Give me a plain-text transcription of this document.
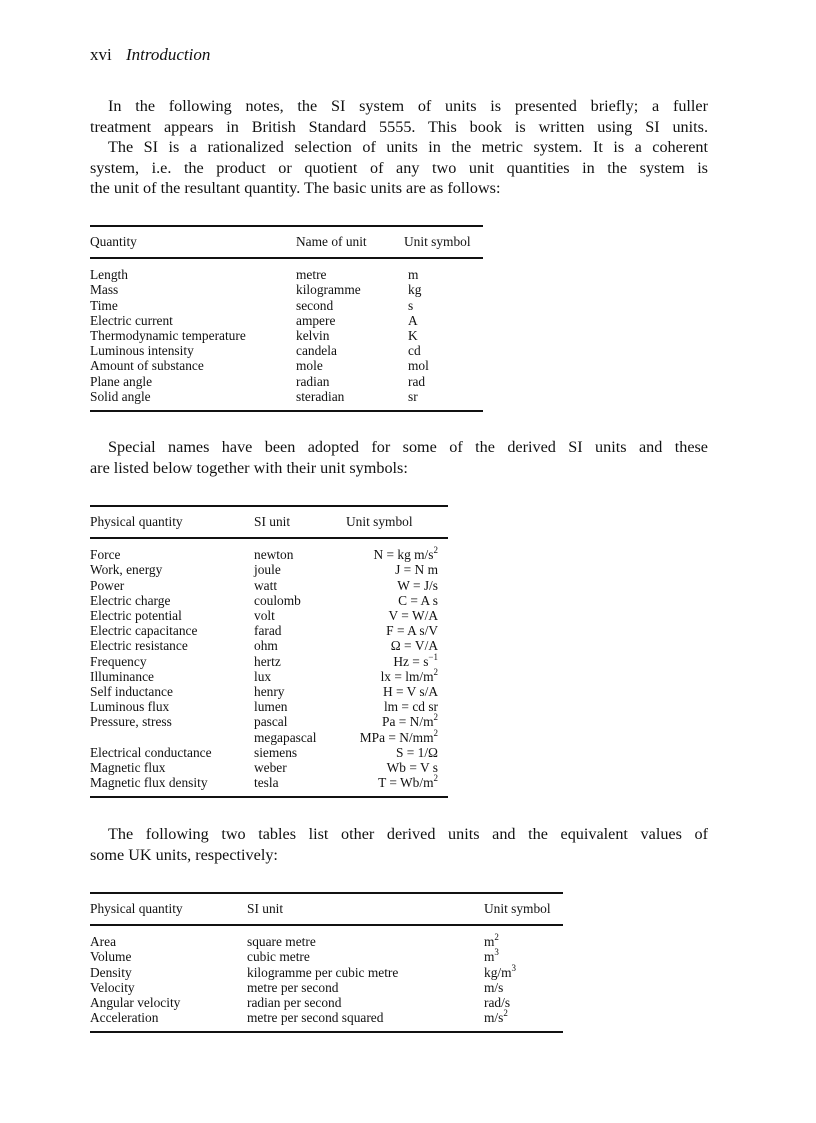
xvi Introduction
In the following notes, the SI system of units is presented briefly; a fuller
treatment appears in British Standard 5555. This book is written using SI units.
The SI is a rationalized selection of units in the metric system. It is a coherent
system, i.e. the product or quotient of any two unit quantities in the system is
the unit of the resultant quantity. The basic units are as follows:
Quantity	Name of unit	Unit symbol
Length	metre	m
Mass	kilogramme	kg
Time	second	s
Electric current	ampere	A
Thermodynamic temperature	kelvin	K
Luminous intensity	candela	cd
Amount of substance	mole	mol
Plane angle	radian	rad
Solid angle	steradian	sr
Special names have been adopted for some of the derived SI units and these
are listed below together with their unit symbols:
Physical quantity	SI unit	Unit symbol
Force	newton	N = kg $m/s^2$
Work, energy	joule	J = N m
Power	watt	W = J/s
Electric charge	coulomb	C = A s
Electric potential	volt	V = W/A
Electric capacitance	farad	F = A s/V
Electric resistance	ohm	Ω = V/A
Frequency	hertz	$Hz = s^{-1}$
Illuminance	lux	lx = $lm/m^2$
Self inductance	henry	H = V s/A
Luminous flux	lumen	lm = cd sr
Pressure, stress	pascal	$Pa = N/m^2$
	megapascal	MPa = $N/mm^2$
Electrical conductance	siemens	S = 1/Ω
Magnetic flux	weber	Wb = V s
Magnetic flux density	tesla	$T = Wb/m^2$
The following two tables list other derived units and the equivalent values of
some UK units, respectively:
Physical quantity	SI unit	Unit symbol
Area	square metre	$m^2$
Volume	cubic metre	$m^3$
Density	kilogramme per cubic metre	$kg/m^3$
Velocity	metre per second	m/s
Angular velocity	radian per second	rad/s
Acceleration	metre per second squared	$m/s^2$
